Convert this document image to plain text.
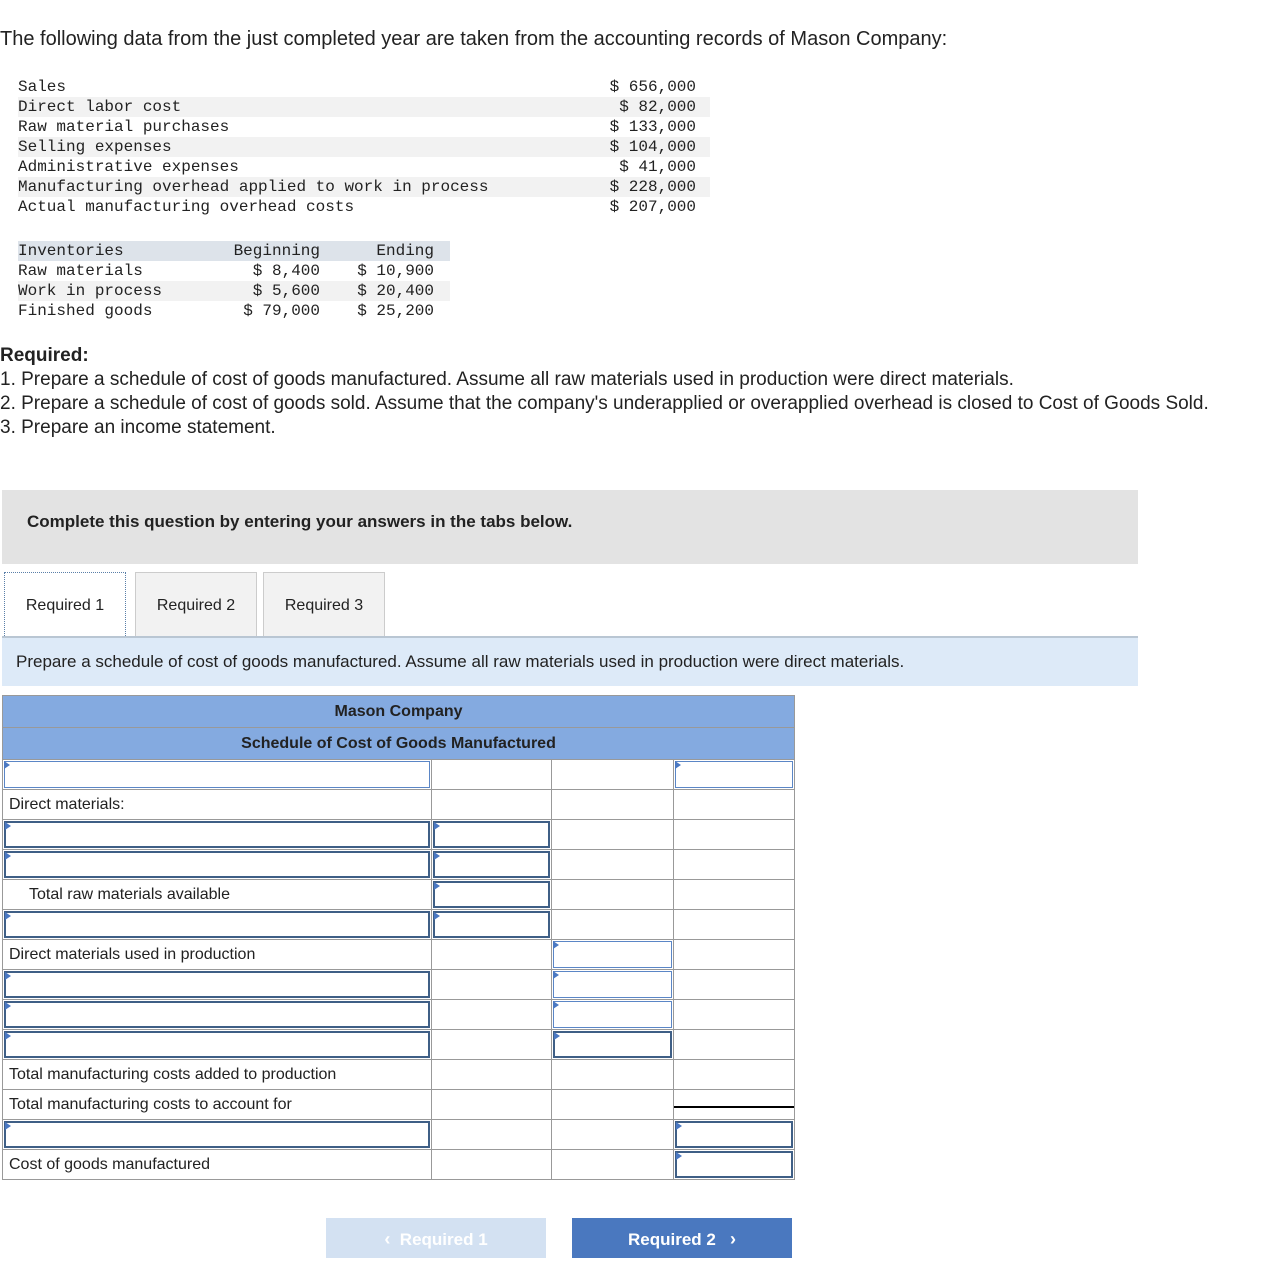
The following data from the just completed year are taken from the accounting records of Mason Company:
Sales	$ 656,000
Direct labor cost	$ 82,000
Raw material purchases	$ 133,000
Selling expenses	$ 104,000
Administrative expenses	$ 41,000
Manufacturing overhead applied to work in process	$ 228,000
Actual manufacturing overhead costs	$ 207,000
Inventories	Beginning	Ending
Raw materials	$ 8,400 $ 10,900
Work in process	$ 5,600 $ 20,400
Finished goods	$ 79,000 $ 25,200
Required:
1. Prepare a schedule of cost of goods manufactured. Assume all raw materials used in production were direct materials.
2. Prepare a schedule of cost of goods sold. Assume that the company's underapplied or overapplied overhead is closed to Cost of Goods Sold.
3. Prepare an income statement.
Complete this question by entering your answers in the tabs below.
Required 1	Required 2	Required 3
Prepare a schedule of cost of goods manufactured. Assume all raw materials used in production were direct materials.
Mason Company			
Schedule of Cost of Goods Manufactured			

Direct materials:			

Total raw materials available			

Direct materials used in production			

Total manufacturing costs added to production			

Total manufacturing costs to account for			

Cost of goods manufactured			

‹ Required 1	Required 2 ›
